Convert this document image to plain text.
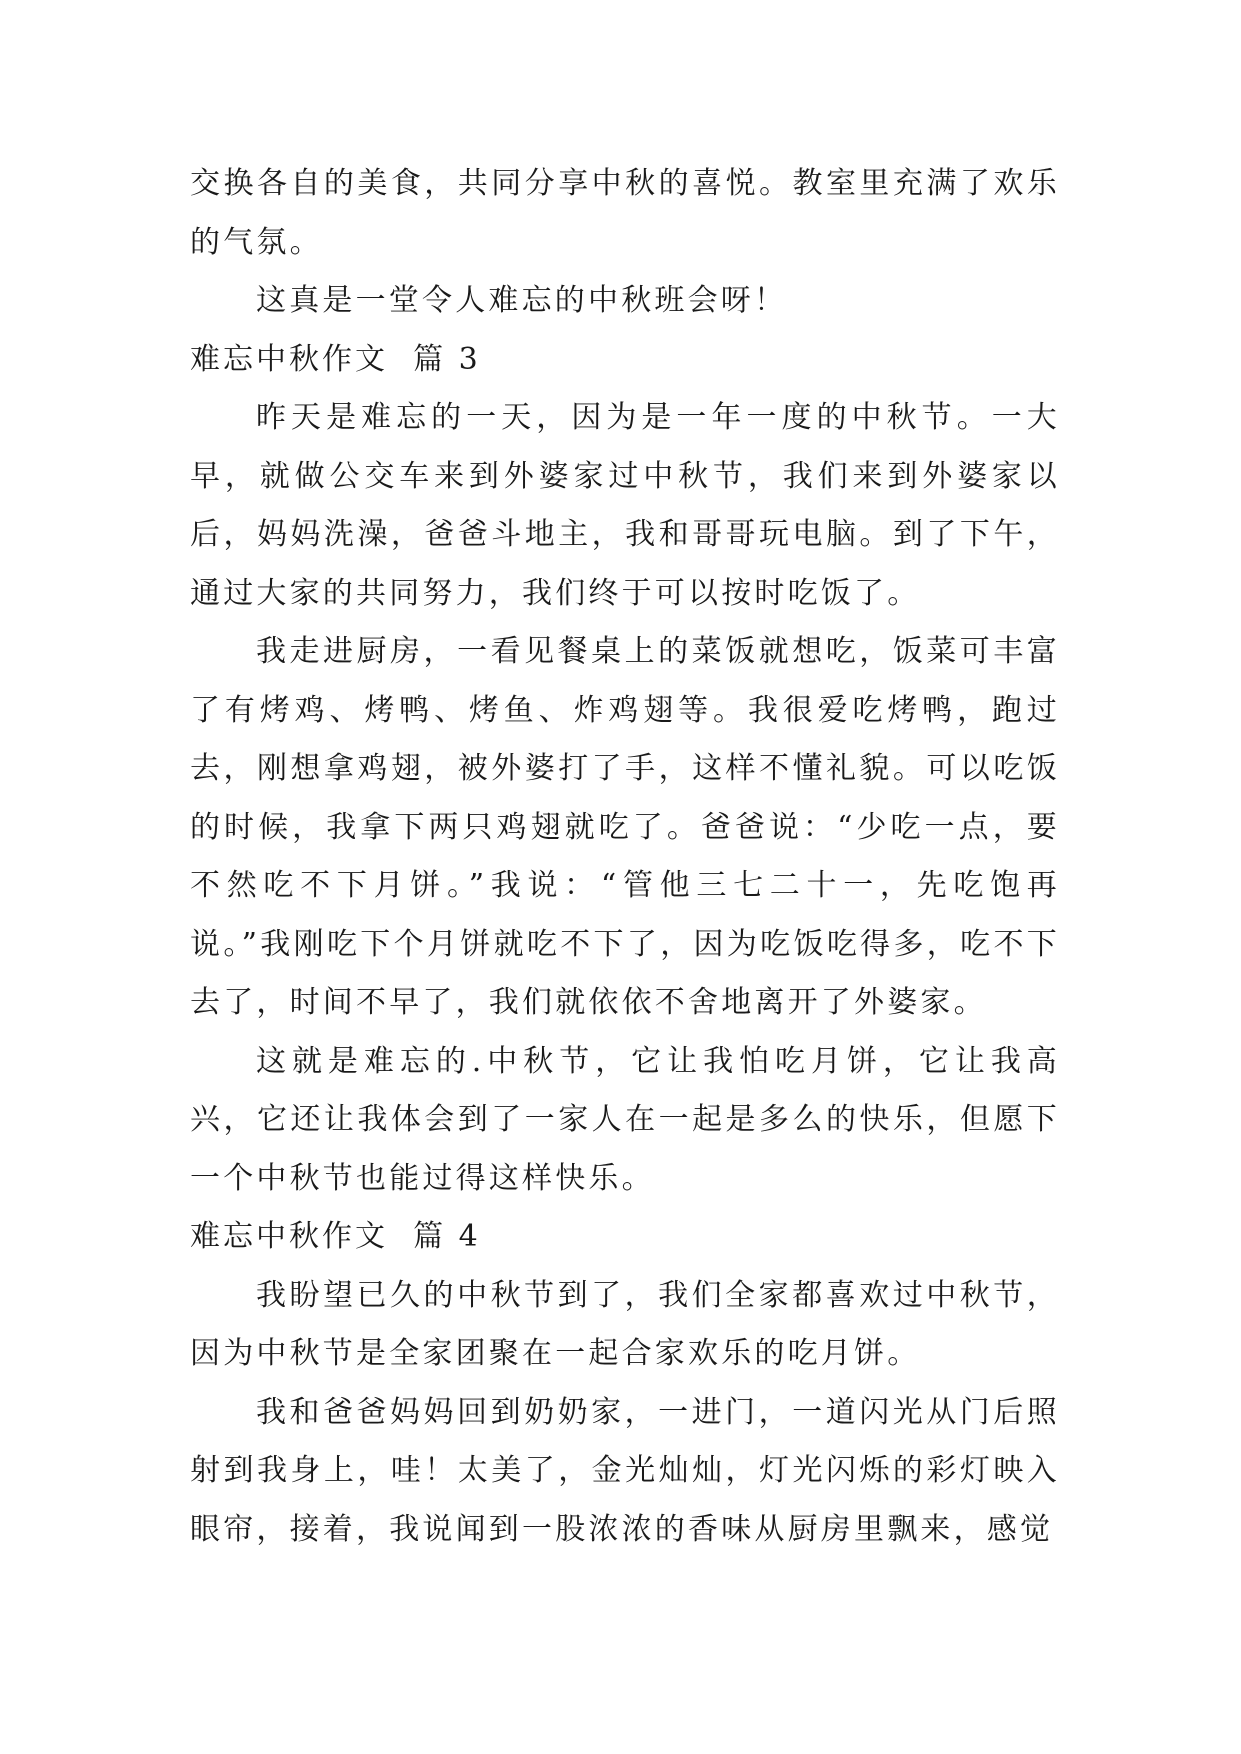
交换各自的美食，共同分享中秋的喜悦。教室里充满了欢乐的气氛。

这真是一堂令人难忘的中秋班会呀！

难忘中秋作文  篇 3

昨天是难忘的一天，因为是一年一度的中秋节。一大早，就做公交车来到外婆家过中秋节，我们来到外婆家以后，妈妈洗澡，爸爸斗地主，我和哥哥玩电脑。到了下午，通过大家的共同努力，我们终于可以按时吃饭了。

我走进厨房，一看见餐桌上的菜饭就想吃，饭菜可丰富了有烤鸡、烤鸭、烤鱼、炸鸡翅等。我很爱吃烤鸭，跑过去，刚想拿鸡翅，被外婆打了手，这样不懂礼貌。可以吃饭的时候，我拿下两只鸡翅就吃了。爸爸说：“少吃一点，要不然吃不下月饼。”我说：“管他三七二十一，先吃饱再说。”我刚吃下个月饼就吃不下了，因为吃饭吃得多，吃不下去了，时间不早了，我们就依依不舍地离开了外婆家。

这就是难忘的.中秋节，它让我怕吃月饼，它让我高兴，它还让我体会到了一家人在一起是多么的快乐，但愿下一个中秋节也能过得这样快乐。

难忘中秋作文  篇 4

我盼望已久的中秋节到了，我们全家都喜欢过中秋节，因为中秋节是全家团聚在一起合家欢乐的吃月饼。

我和爸爸妈妈回到奶奶家，一进门，一道闪光从门后照射到我身上，哇！太美了，金光灿灿，灯光闪烁的彩灯映入眼帘，接着，我说闻到一股浓浓的香味从厨房里飘来，感觉
